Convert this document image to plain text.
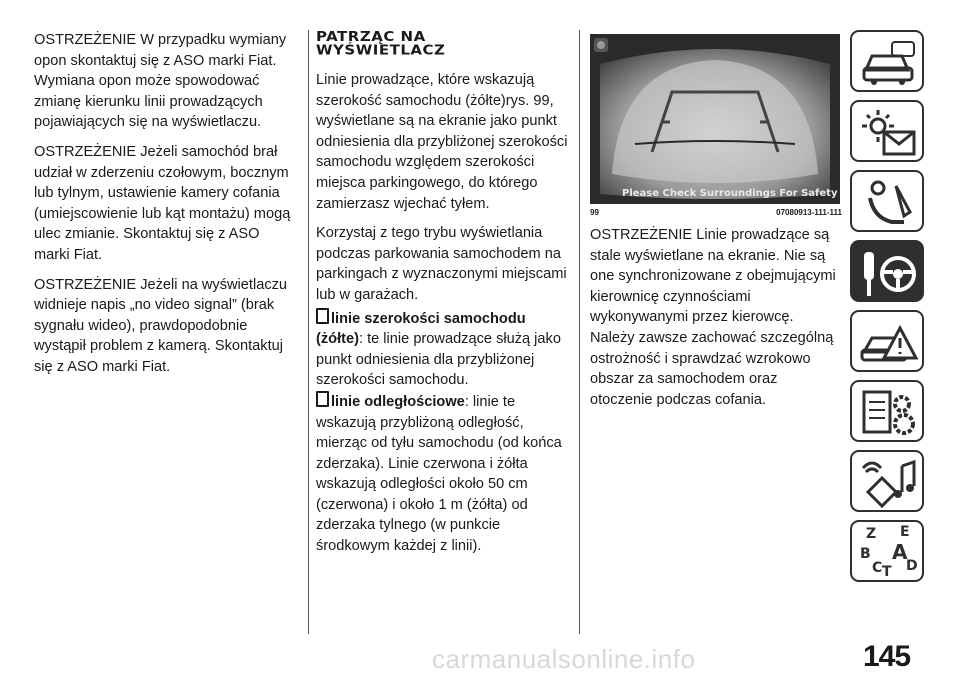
OSTRZEŻENIE W przypadku wymiany opon skontaktuj się z ASO marki Fiat. Wymiana opon może spowodować zmianę kierunku linii prowadzących pojawiających się na wyświetlaczu.

OSTRZEŻENIE Jeżeli samochód brał udział w zderzeniu czołowym, bocznym lub tylnym, ustawienie kamery cofania (umiejscowienie lub kąt montażu) mogą ulec zmianie. Skontaktuj się z ASO marki Fiat.

OSTRZEŻENIE Jeżeli na wyświetlaczu widnieje napis „no video signal” (brak sygnału wideo), prawdopodobnie wystąpił problem z kamerą. Skontaktuj się z ASO marki Fiat.

PATRZĄC NA
WYŚWIETLACZ

Linie prowadzące, które wskazują szerokość samochodu (żółte)rys. 99, wyświetlane są na ekranie jako punkt odniesienia dla przybliżonej szerokości samochodu względem szerokości miejsca parkingowego, do którego zamierzasz wjechać tyłem.

Korzystaj z tego trybu wyświetlania podczas parkowania samochodem na parkingach z wyznaczonymi miejscami lub w garażach.

linie szerokości samochodu (żółte): te linie prowadzące służą jako punkt odniesienia dla przybliżonej szerokości samochodu.

linie odległościowe: linie te wskazują przybliżoną odległość, mierząc od tyłu samochodu (od końca zderzaka). Linie czerwona i żółta wskazują odległości około 50 cm (czerwona) i około 1 m (żółta) od zderzaka tylnego (w punkcie środkowym każdej z linii).

Please Check Surroundings For Safety
99	07080913-111-111

OSTRZEŻENIE Linie prowadzące są stale wyświetlane na ekranie. Nie są one synchronizowane z obejmującymi kierownicę czynnościami wykonywanymi przez kierowcę. Należy zawsze zachować szczególną ostrożność i sprawdzać wzrokowo obszar za samochodem oraz otoczenie podczas cofania.

Z E
B A
C T D
carmanualsonline.info	145
